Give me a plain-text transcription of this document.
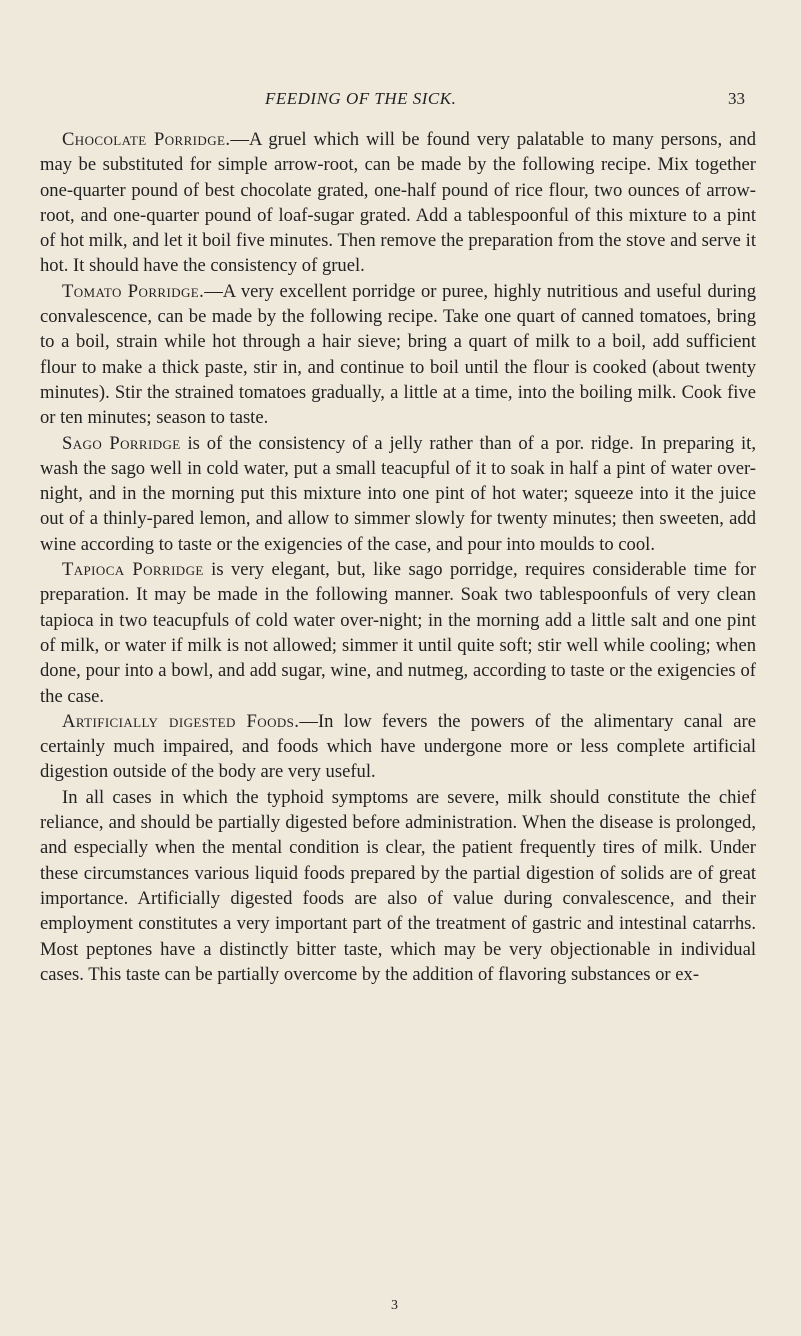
FEEDING OF THE SICK.	33

Chocolate Porridge.—A gruel which will be found very palatable to many persons, and may be substituted for simple arrow-root, can be made by the following recipe. Mix together one-quarter pound of best chocolate grated, one-half pound of rice flour, two ounces of arrow-root, and one-quarter pound of loaf-sugar grated. Add a tablespoonful of this mixture to a pint of hot milk, and let it boil five minutes. Then remove the preparation from the stove and serve it hot. It should have the consistency of gruel.

Tomato Porridge.—A very excellent porridge or puree, highly nutritious and useful during convalescence, can be made by the following recipe. Take one quart of canned tomatoes, bring to a boil, strain while hot through a hair sieve; bring a quart of milk to a boil, add sufficient flour to make a thick paste, stir in, and continue to boil until the flour is cooked (about twenty minutes). Stir the strained tomatoes gradually, a little at a time, into the boiling milk. Cook five or ten minutes; season to taste.

Sago Porridge is of the consistency of a jelly rather than of a por. ridge. In preparing it, wash the sago well in cold water, put a small teacupful of it to soak in half a pint of water over-night, and in the morning put this mixture into one pint of hot water; squeeze into it the juice out of a thinly-pared lemon, and allow to simmer slowly for twenty minutes; then sweeten, add wine according to taste or the exigencies of the case, and pour into moulds to cool.

Tapioca Porridge is very elegant, but, like sago porridge, requires considerable time for preparation. It may be made in the following manner. Soak two tablespoonfuls of very clean tapioca in two teacupfuls of cold water over-night; in the morning add a little salt and one pint of milk, or water if milk is not allowed; simmer it until quite soft; stir well while cooling; when done, pour into a bowl, and add sugar, wine, and nutmeg, according to taste or the exigencies of the case.

Artificially digested Foods.—In low fevers the powers of the alimentary canal are certainly much impaired, and foods which have undergone more or less complete artificial digestion outside of the body are very useful.

In all cases in which the typhoid symptoms are severe, milk should constitute the chief reliance, and should be partially digested before administration. When the disease is prolonged, and especially when the mental condition is clear, the patient frequently tires of milk. Under these circumstances various liquid foods prepared by the partial digestion of solids are of great importance. Artificially digested foods are also of value during convalescence, and their employment constitutes a very important part of the treatment of gastric and intestinal catarrhs. Most peptones have a distinctly bitter taste, which may be very objectionable in individual cases. This taste can be partially overcome by the addition of flavoring substances or ex-

3
